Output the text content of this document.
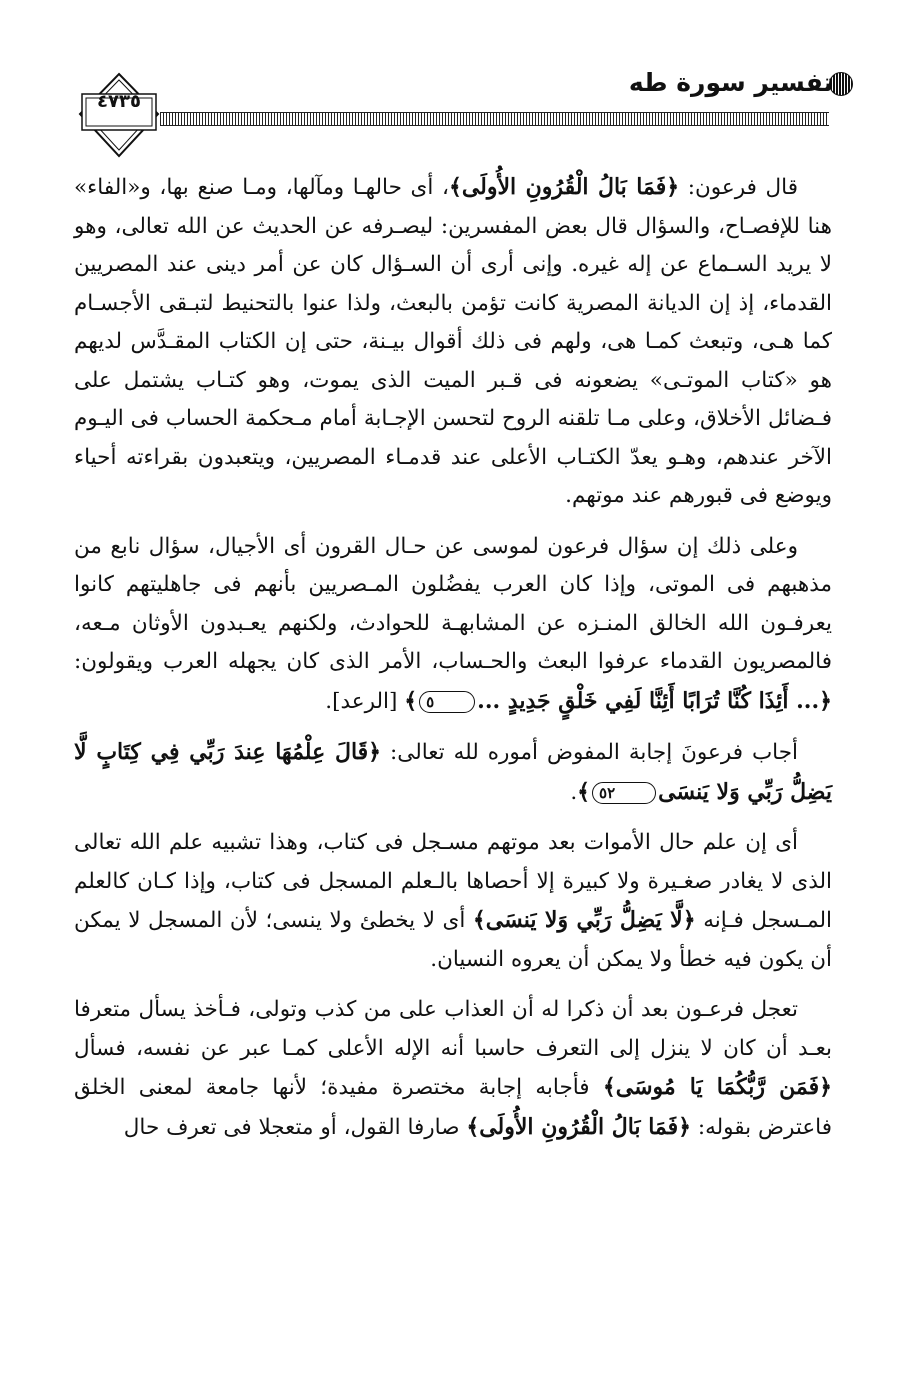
تفسير سورة طه
٤٧٣٥

قال فرعون: ﴿فَمَا بَالُ الْقُرُونِ الأُولَى﴾، أى حالهـا ومآلها، ومـا صنع بها، و«الفاء» هنا للإفصـاح، والسؤال قال بعض المفسرين: ليصـرفه عن الحديث عن الله تعالى، وهو لا يريد السـماع عن إله غيره. وإنى أرى أن السـؤال كان عن أمر دينى عند المصريين القدماء، إذ إن الديانة المصرية كانت تؤمن بالبعث، ولذا عنوا بالتحنيط لتبـقى الأجسـام كما هـى، وتبعث كمـا هى، ولهم فى ذلك أقوال بيـنة، حتى إن الكتاب المقـدَّس لديهم هو «كتاب الموتـى» يضعونه فى قـبر الميت الذى يموت، وهو كتـاب يشتمل على فـضائل الأخلاق، وعلى مـا تلقنه الروح لتحسن الإجـابة أمام مـحكمة الحساب فى اليـوم الآخر عندهم، وهـو يعدّ الكتـاب الأعلى عند قدمـاء المصريين، ويتعبدون بقراءته أحياء ويوضع فى قبورهم عند موتهم.

وعلى ذلك إن سؤال فرعون لموسى عن حـال القرون أى الأجيال، سؤال نابع من مذهبهم فى الموتى، وإذا كان العرب يفضُلون المـصريين بأنهم فى جاهليتهم كانوا يعرفـون الله الخالق المنـزه عن المشابهـة للحوادث، ولكنهم يعـبدون الأوثان مـعه، فالمصريون القدماء عرفوا البعث والحـساب، الأمر الذى كان يجهله العرب ويقولون: ﴿... أَئِذَا كُنَّا تُرَابًا أَئِنَّا لَفِي خَلْقٍ جَدِيدٍ ...٥﴾ [الرعد].

أجاب فرعونَ إجابة المفوض أموره لله تعالى: ﴿قَالَ عِلْمُهَا عِندَ رَبِّي فِي كِتَابٍ لَّا يَضِلُّ رَبِّي وَلا يَنسَى٥٢﴾.

أى إن علم حال الأموات بعد موتهم مسـجل فى كتاب، وهذا تشبيه علم الله تعالى الذى لا يغادر صغـيرة ولا كبيرة إلا أحصاها بالـعلم المسجل فى كتاب، وإذا كـان كالعلم المـسجل فـإنه ﴿لَّا يَضِلُّ رَبِّي وَلا يَنسَى﴾ أى لا يخطئ ولا ينسى؛ لأن المسجل لا يمكن أن يكون فيه خطأ ولا يمكن أن يعروه النسيان.

تعجل فرعـون بعد أن ذكرا له أن العذاب على من كذب وتولى، فـأخذ يسأل متعرفا بعـد أن كان لا ينزل إلى التعرف حاسبا أنه الإله الأعلى كمـا عبر عن نفسه، فسأل ﴿فَمَن رَّبُّكُمَا يَا مُوسَى﴾ فأجابه إجابة مختصرة مفيدة؛ لأنها جامعة لمعنى الخلق فاعترض بقوله: ﴿فَمَا بَالُ الْقُرُونِ الأُولَى﴾ صارفا القول، أو متعجلا فى تعرف حال
